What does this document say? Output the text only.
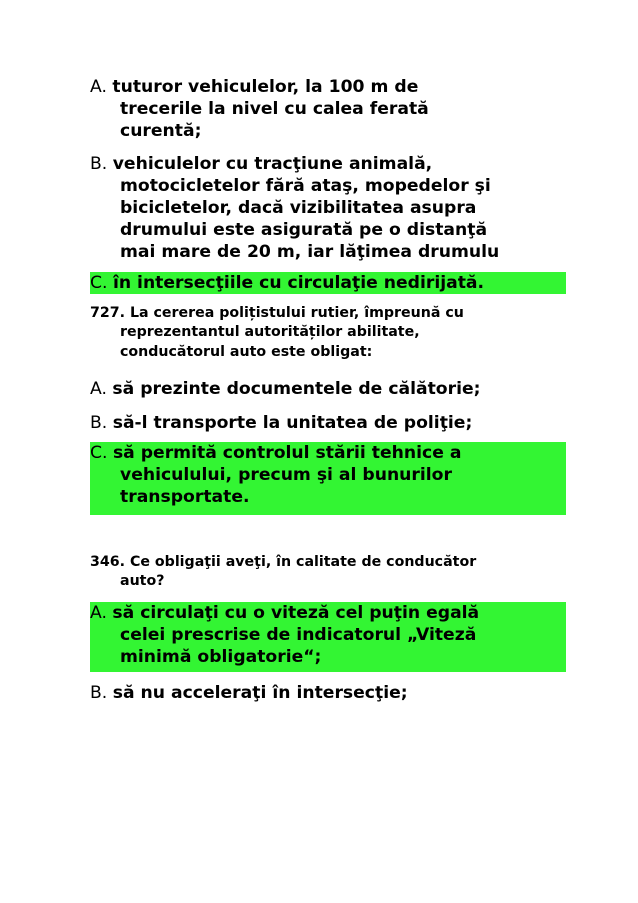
A. tuturor vehiculelor, la 100 m de
trecerile la nivel cu calea ferată
curentă;

B. vehiculelor cu tracţiune animală,
motocicletelor fără ataş, mopedelor şi
bicicletelor, dacă vizibilitatea asupra
drumului este asigurată pe o distanţă
mai mare de 20 m, iar lăţimea drumulu

C. în intersecţiile cu circulaţie nedirijată.

727. La cererea polițistului rutier, împreună cu
reprezentantul autorităților abilitate,
conducătorul auto este obligat:

A. să prezinte documentele de călătorie;

B. să-l transporte la unitatea de poliţie;

C. să permită controlul stării tehnice a
vehiculului, precum şi al bunurilor
transportate.

346. Ce obligaţii aveţi, în calitate de conducător
auto?

A. să circulaţi cu o viteză cel puţin egală
celei prescrise de indicatorul „Viteză
minimă obligatorie“;

B. să nu acceleraţi în intersecţie;
